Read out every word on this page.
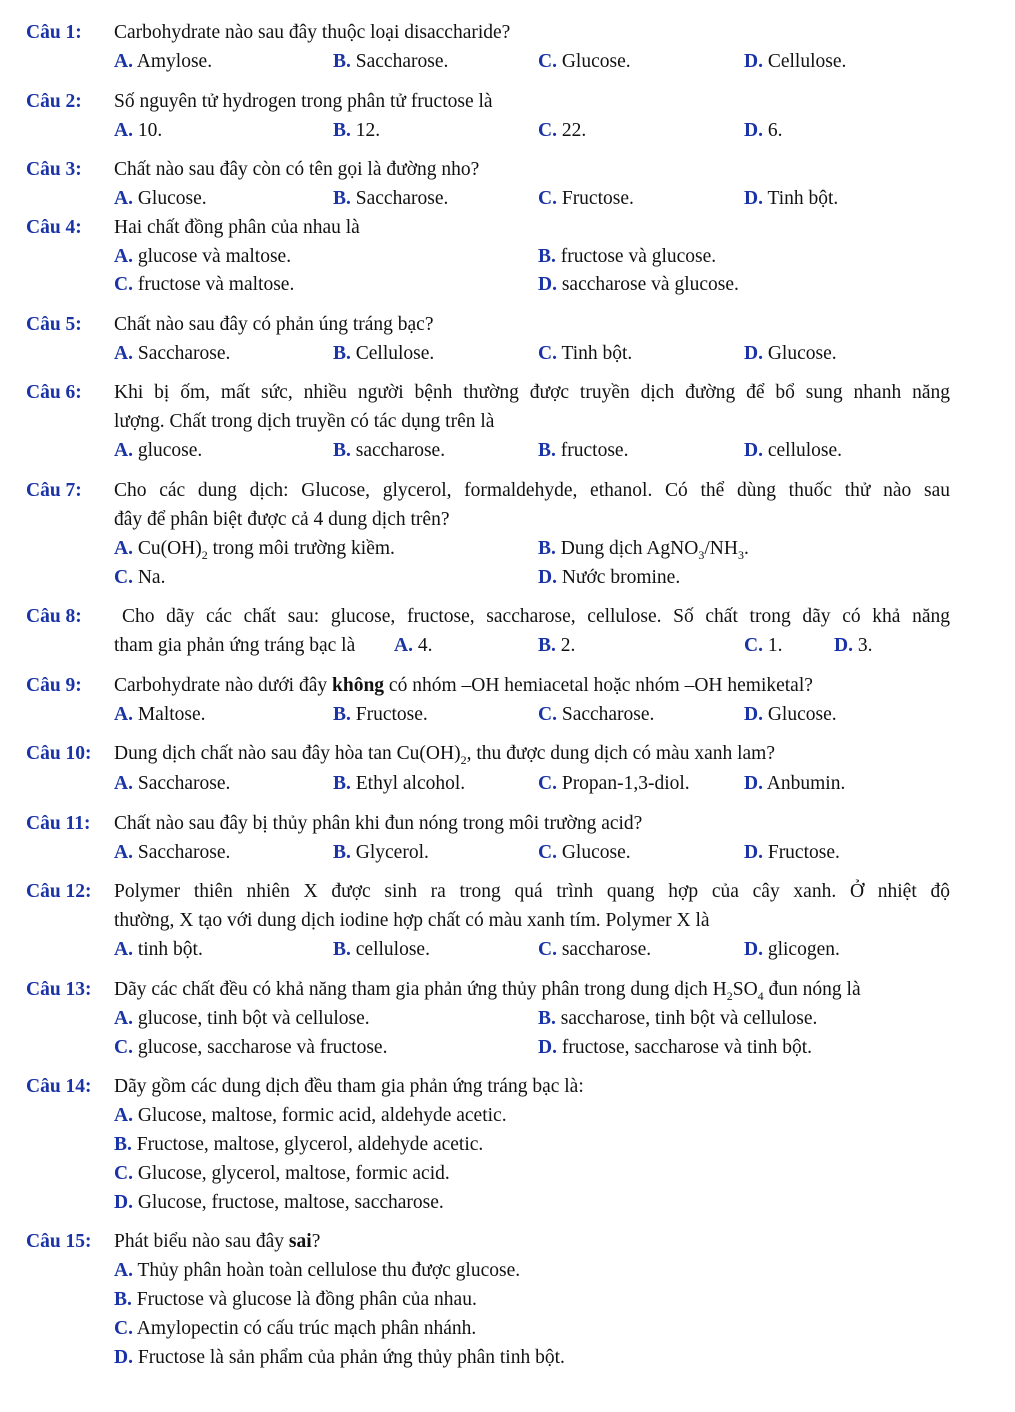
Câu 1: Carbohydrate nào sau đây thuộc loại disaccharide?
A. Amylose.	B. Saccharose.	C. Glucose.	D. Cellulose.
Câu 2: Số nguyên tử hydrogen trong phân tử fructose là
A. 10.	B. 12.	C. 22.	D. 6.
Câu 3: Chất nào sau đây còn có tên gọi là đường nho?
A. Glucose.	B. Saccharose.	C. Fructose.	D. Tinh bột.
Câu 4: Hai chất đồng phân của nhau là
A. glucose và maltose.	B. fructose và glucose.
C. fructose và maltose.	D. saccharose và glucose.
Câu 5: Chất nào sau đây có phản úng tráng bạc?
A. Saccharose.	B. Cellulose.	C. Tinh bột.	D. Glucose.
Câu 6: Khi bị ốm, mất sức, nhiều người bệnh thường được truyền dịch đường để bổ sung nhanh năng
lượng. Chất trong dịch truyền có tác dụng trên là
A. glucose.	B. saccharose.	B. fructose.	D. cellulose.
Câu 7: Cho các dung dịch: Glucose, glycerol, formaldehyde, ethanol. Có thể dùng thuốc thử nào sau
đây để phân biệt được cả 4 dung dịch trên?
A. $Cu(OH)_2$ trong môi trường kiềm.	B. Dung dịch $AgNO_3/NH_3$.
C. Na.	D. Nước bromine.
Câu 8: Cho dãy các chất sau: glucose, fructose, saccharose, cellulose. Số chất trong dãy có khả năng
tham gia phản ứng tráng bạc là A. 4.	B. 2.	C. 1.	D. 3.
Câu 9: Carbohydrate nào dưới đây không có nhóm –OH hemiacetal hoặc nhóm –OH hemiketal?
A. Maltose.	B. Fructose.	C. Saccharose.	D. Glucose.
Câu 10: Dung dịch chất nào sau đây hòa $\tan Cu(OH)_2$, thu được dung dịch có màu xanh lam?
A. Saccharose.	B. Ethyl alcohol.	C. Propan-1,3-diol.	D. Anbumin.
Câu 11: Chất nào sau đây bị thủy phân khi đun nóng trong môi trường acid?
A. Saccharose.	B. Glycerol.	C. Glucose.	D. Fructose.
Câu 12: Polymer thiên nhiên X được sinh ra trong quá trình quang hợp của cây xanh. Ở nhiệt độ
thường, X tạo với dung dịch iodine hợp chất có màu xanh tím. Polymer X là
A. tinh bột.	B. cellulose.	C. saccharose.	D. glicogen.
Câu 13: Dãy các chất đều có khả năng tham gia phản ứng thủy phân trong dung dịch $H_2SO_4$ đun nóng là
A. glucose, tinh bột và cellulose.	B. saccharose, tinh bột và cellulose.
C. glucose, saccharose và fructose.	D. fructose, saccharose và tinh bột.
Câu 14: Dãy gồm các dung dịch đều tham gia phản ứng tráng bạc là:
A. Glucose, maltose, formic acid, aldehyde acetic.
B. Fructose, maltose, glycerol, aldehyde acetic.
C. Glucose, glycerol, maltose, formic acid.
D. Glucose, fructose, maltose, saccharose.
Câu 15: Phát biểu nào sau đây sai?
A. Thủy phân hoàn toàn cellulose thu được glucose.
B. Fructose và glucose là đồng phân của nhau.
C. Amylopectin có cấu trúc mạch phân nhánh.
D. Fructose là sản phẩm của phản ứng thủy phân tinh bột.
